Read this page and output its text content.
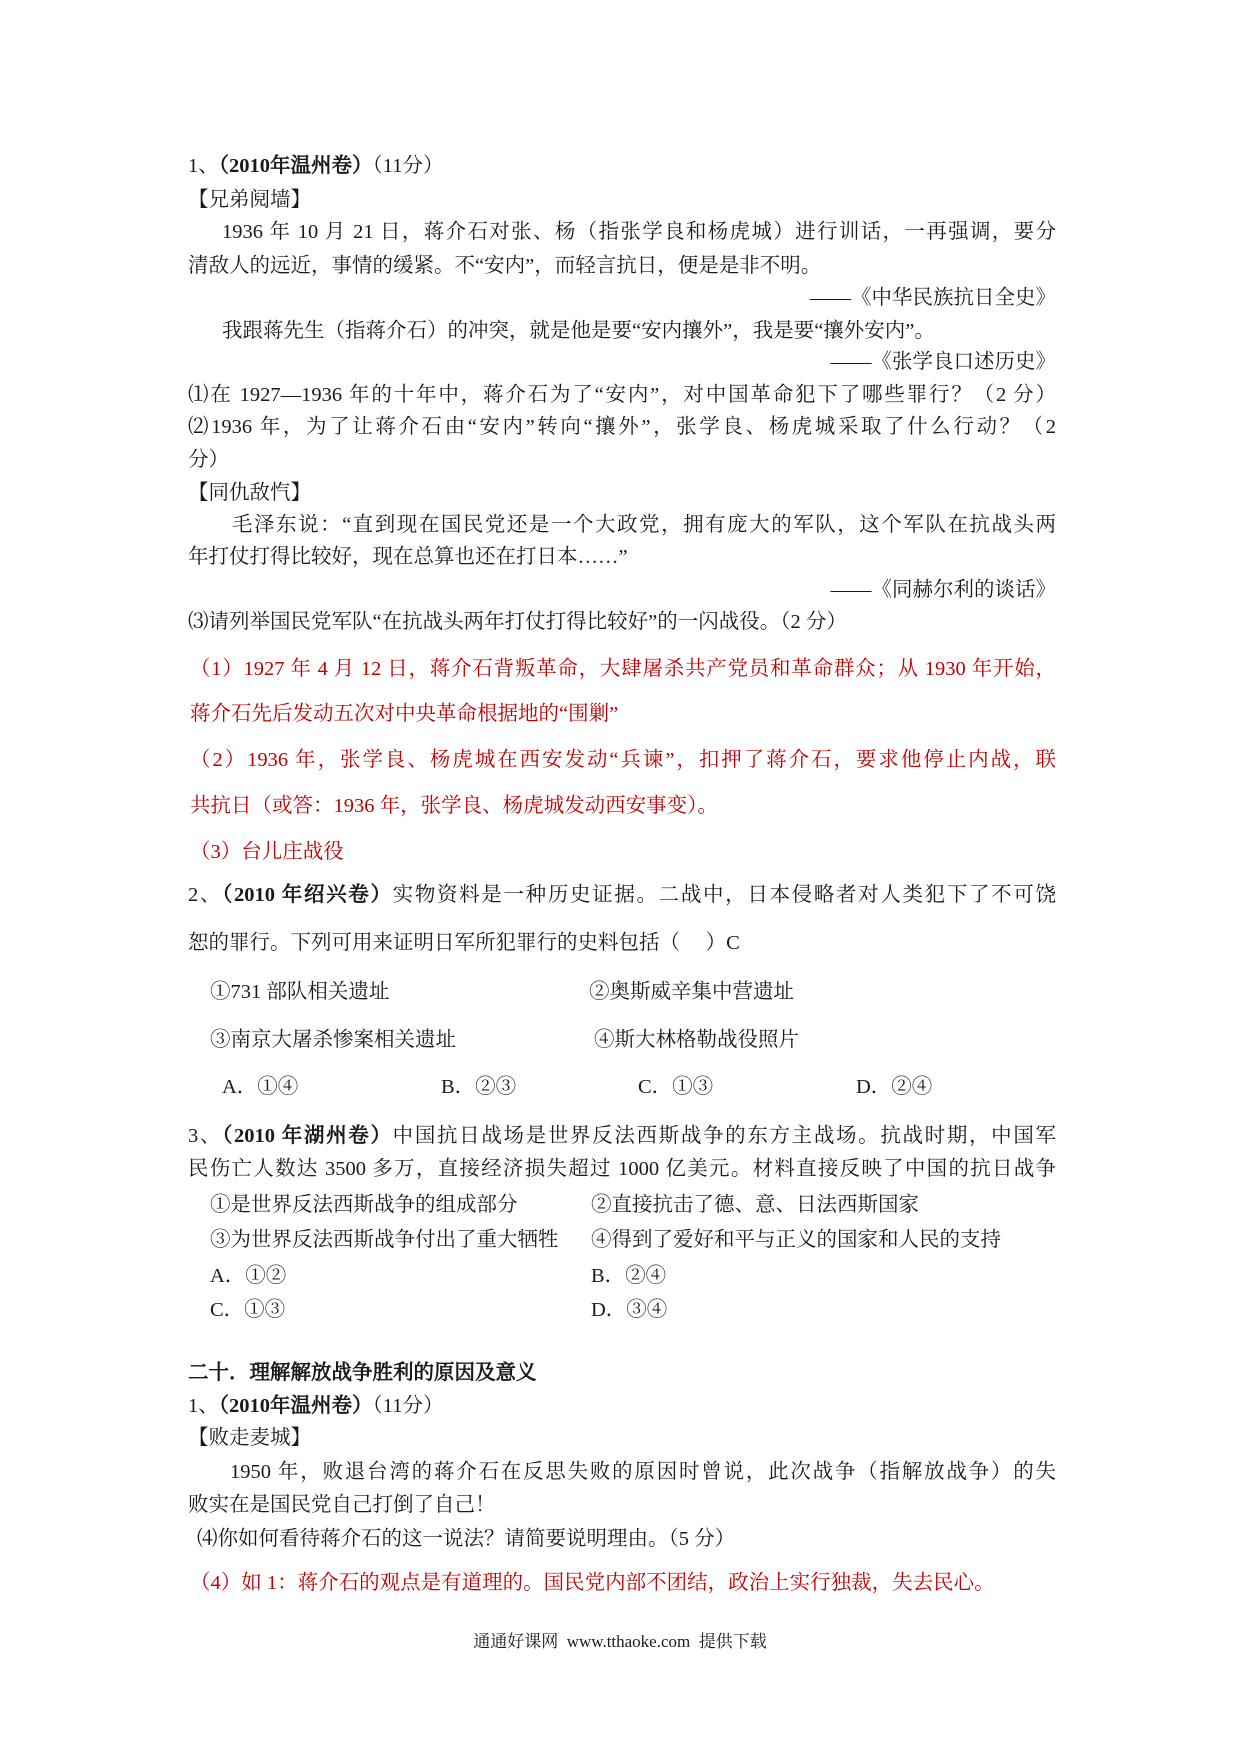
1、（2010年温州卷）（11分）
【兄弟阋墙】
1936 年 10 月 21 日，蒋介石对张、杨（指张学良和杨虎城）进行训话，一再强调，要分
清敌人的远近，事情的缓紧。不“安内”，而轻言抗日，便是是非不明。
——《中华民族抗日全史》
我跟蒋先生（指蒋介石）的冲突，就是他是要“安内攘外”，我是要“攘外安内”。
——《张学良口述历史》
⑴在 1927—1936 年的十年中，蒋介石为了“安内”，对中国革命犯下了哪些罪行？（2 分）
⑵1936 年，为了让蒋介石由“安内”转向“攘外”，张学良、杨虎城采取了什么行动？（2
分）
【同仇敌忾】
毛泽东说：“直到现在国民党还是一个大政党，拥有庞大的军队，这个军队在抗战头两
年打仗打得比较好，现在总算也还在打日本……”
——《同赫尔利的谈话》
⑶请列举国民党军队“在抗战头两年打仗打得比较好”的一闪战役。（2 分）
（1）1927 年 4 月 12 日，蒋介石背叛革命，大肆屠杀共产党员和革命群众；从 1930 年开始，
蒋介石先后发动五次对中央革命根据地的“围剿”
（2）1936 年，张学良、杨虎城在西安发动“兵谏”，扣押了蒋介石，要求他停止内战，联
共抗日（或答：1936 年，张学良、杨虎城发动西安事变）。
（3）台儿庄战役
2、（2010 年绍兴卷）实物资料是一种历史证据。二战中，日本侵略者对人类犯下了不可饶
恕的罪行。下列可用来证明日军所犯罪行的史料包括（     ）C
①731 部队相关遗址	②奥斯威辛集中营遗址
③南京大屠杀惨案相关遗址	④斯大林格勒战役照片
A．①④	B．②③	C．①③	D．②④
3、（2010 年湖州卷）中国抗日战场是世界反法西斯战争的东方主战场。抗战时期，中国军
民伤亡人数达 3500 多万，直接经济损失超过 1000 亿美元。材料直接反映了中国的抗日战争
①是世界反法西斯战争的组成部分	②直接抗击了德、意、日法西斯国家
③为世界反法西斯战争付出了重大牺牲 ④得到了爱好和平与正义的国家和人民的支持
A．①②	B．②④
C．①③	D．③④
二十．理解解放战争胜利的原因及意义
1、（2010年温州卷）（11分）
【败走麦城】
1950 年，败退台湾的蒋介石在反思失败的原因时曾说，此次战争（指解放战争）的失
败实在是国民党自己打倒了自己！
⑷你如何看待蒋介石的这一说法？请简要说明理由。（5 分）
（4）如 1：蒋介石的观点是有道理的。国民党内部不团结，政治上实行独裁，失去民心。
通通好课网  www.tthaoke.com  提供下载
